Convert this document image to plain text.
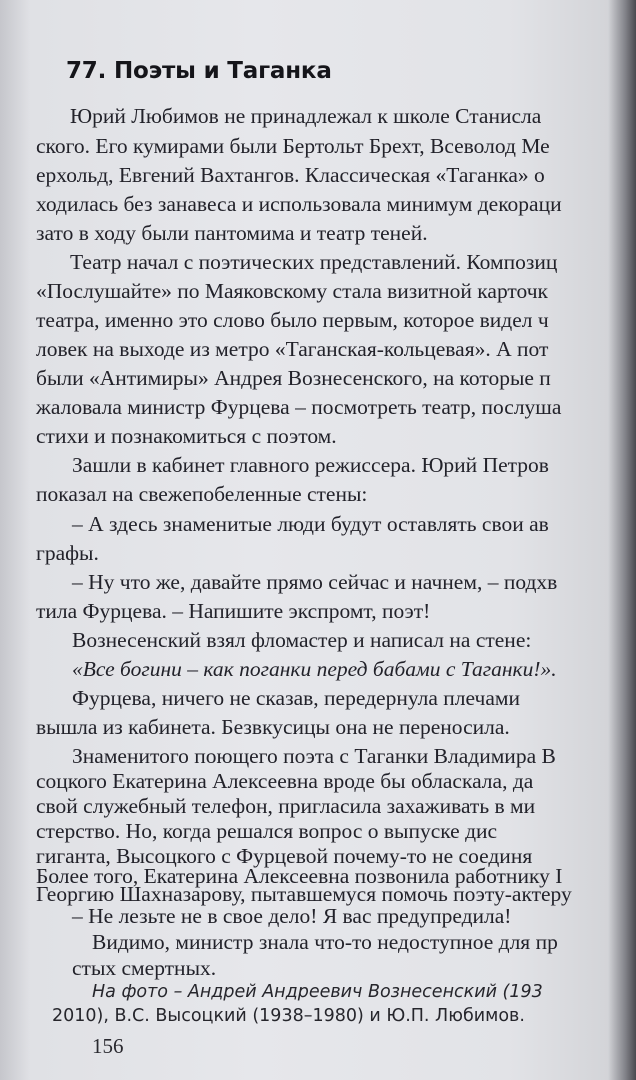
77. Поэты и Таганка
Юрий Любимов не принадлежал к школе Станисла
ского. Его кумирами были Бертольт Брехт, Всеволод Ме
ерхольд, Евгений Вахтангов. Классическая «Таганка» о
ходилась без занавеса и использовала минимум декораци
зато в ходу были пантомима и театр теней.
Театр начал с поэтических представлений. Композиц
«Послушайте» по Маяковскому стала визитной карточк
театра, именно это слово было первым, которое видел ч
ловек на выходе из метро «Таганская-кольцевая». А пот
были «Антимиры» Андрея Вознесенского, на которые п
жаловала министр Фурцева – посмотреть театр, послуша
стихи и познакомиться с поэтом.
Зашли в кабинет главного режиссера. Юрий Петров
показал на свежепобеленные стены:
– А здесь знаменитые люди будут оставлять свои ав
графы.
– Ну что же, давайте прямо сейчас и начнем, – подхв
тила Фурцева. – Напишите экспромт, поэт!
Вознесенский взял фломастер и написал на стене:
«Все богини – как поганки перед бабами с Таганки!».
Фурцева, ничего не сказав, передернула плечами
вышла из кабинета. Безвкусицы она не переносила.
Знаменитого поющего поэта с Таганки Владимира В
соцкого Екатерина Алексеевна вроде бы обласкала, да
свой служебный телефон, пригласила захаживать в ми
стерство. Но, когда решался вопрос о выпуске дис
гиганта, Высоцкого с Фурцевой почему-то не соединя
Более того, Екатерина Алексеевна позвонила работнику I
Георгию Шахназарову, пытавшемуся помочь поэту-актеру
– Не лезьте не в свое дело! Я вас предупредила!
Видимо, министр знала что-то недоступное для пр
стых смертных.
На фото – Андрей Андреевич Вознесенский (193
2010), В.С. Высоцкий (1938–1980) и Ю.П. Любимов.
156
